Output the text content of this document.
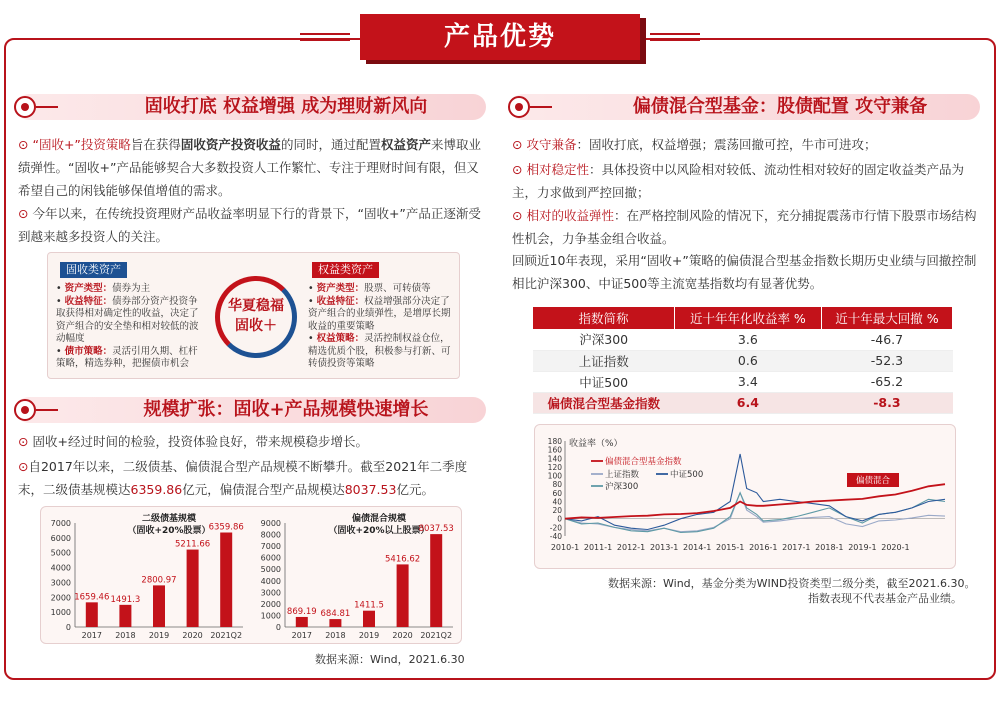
产品优势
固收打底 权益增强 成为理财新风向
⊙ “固收+”投资策略旨在获得固收资产投资收益的同时，通过配置权益资产来博取业绩弹性。“固收+”产品能够契合大多数投资人工作繁忙、专注于理财时间有限，但又希望自己的闲钱能够保值增值的需求。
⊙ 今年以来，在传统投资理财产品收益率明显下行的背景下，“固收+”产品正逐渐受到越来越多投资人的关注。
固收类资产
• 资产类型：债券为主
• 收益特征：债券部分资产投资争取获得相对确定性的收益，决定了资产组合的安全垫和相对较低的波动幅度
• 债市策略：灵活引用久期、杠杆策略，精选券种，把握债市机会
华夏稳福
固收＋
权益类资产
• 资产类型：股票、可转债等
• 收益特征：权益增强部分决定了资产组合的业绩弹性，是增厚长期收益的重要策略
• 权益策略：灵活控制权益仓位，精选优质个股，积极参与打新、可转债投资等策略
规模扩张：固收+产品规模快速增长
⊙ 固收+经过时间的检验，投资体验良好，带来规模稳步增长。
⊙自2017年以来，二级债基、偏债混合型产品规模不断攀升。截至2021年二季度末，二级债基规模达6359.86亿元，偏债混合型产品规模达8037.53亿元。
二级债基规模
（固收+20%股票）
0
1000
2000
3000
4000
5000
6000
7000
1659.46
2017
1491.3
2018
2800.97
2019
5211.66
2020
6359.86
2021Q2
偏债混合规模
（固收+20%以上股票）
0
1000
2000
3000
4000
5000
6000
7000
8000
9000
869.19
2017
684.81
2018
1411.5
2019
5416.62
2020
8037.53
2021Q2
数据来源：Wind，2021.6.30
偏债混合型基金：股债配置 攻守兼备
⊙ 攻守兼备：固收打底，权益增强；震荡回撤可控，牛市可进攻；
⊙ 相对稳定性：具体投资中以风险相对较低、流动性相对较好的固定收益类产品为主，力求做到严控回撤；
⊙ 相对的收益弹性：在严格控制风险的情况下，充分捕捉震荡市行情下股票市场结构性机会，力争基金组合收益。
回顾近10年表现，采用“固收+”策略的偏债混合型基金指数长期历史业绩与回撤控制相比沪深300、中证500等主流宽基指数均有显著优势。
指数简称	近十年年化收益率 %	近十年最大回撤 %
沪深300	3.6	-46.7
上证指数	0.6	-52.3
中证500	3.4	-65.2
偏债混合型基金指数	6.4	-8.3
收益率（%）
-40
-20
0
20
40
60
80
100
120
140
160
180
2010-1 2011-1 2012-1 2013-1 2014-1 2015-1 2016-1 2017-1 2018-1 2019-1 2020-1
偏债混合型基金指数
上证指数	中证500
沪深300
偏债混合
数据来源：Wind，基金分类为WIND投资类型二级分类，截至2021.6.30。
指数表现不代表基金产品业绩。
